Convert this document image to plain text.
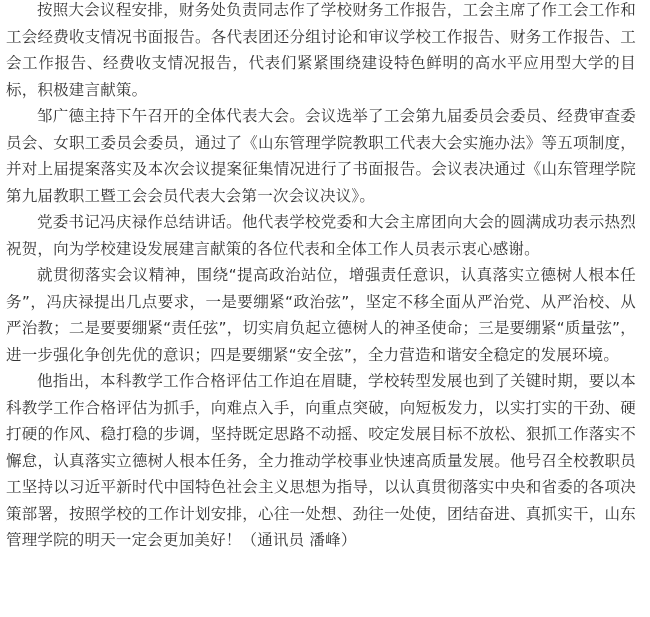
按照大会议程安排，财务处负责同志作了学校财务工作报告，工会主席了作工会工作和工会经费收支情况书面报告。各代表团还分组讨论和审议学校工作报告、财务工作报告、工会工作报告、经费收支情况报告，代表们紧紧围绕建设特色鲜明的高水平应用型大学的目标，积极建言献策。

邹广德主持下午召开的全体代表大会。会议选举了工会第九届委员会委员、经费审查委员会、女职工委员会委员，通过了《山东管理学院教职工代表大会实施办法》等五项制度，并对上届提案落实及本次会议提案征集情况进行了书面报告。会议表决通过《山东管理学院第九届教职工暨工会会员代表大会第一次会议决议》。

党委书记冯庆禄作总结讲话。他代表学校党委和大会主席团向大会的圆满成功表示热烈祝贺，向为学校建设发展建言献策的各位代表和全体工作人员表示衷心感谢。

就贯彻落实会议精神，围绕“提高政治站位，增强责任意识，认真落实立德树人根本任务”，冯庆禄提出几点要求，一是要绷紧“政治弦”，坚定不移全面从严治党、从严治校、从严治教；二是要要绷紧“责任弦”，切实肩负起立德树人的神圣使命；三是要绷紧“质量弦”，进一步强化争创先优的意识；四是要绷紧“安全弦”，全力营造和谐安全稳定的发展环境。

他指出，本科教学工作合格评估工作迫在眉睫，学校转型发展也到了关键时期，要以本科教学工作合格评估为抓手，向难点入手，向重点突破，向短板发力，以实打实的干劲、硬打硬的作风、稳打稳的步调，坚持既定思路不动摇、咬定发展目标不放松、狠抓工作落实不懈怠，认真落实立德树人根本任务，全力推动学校事业快速高质量发展。他号召全校教职员工坚持以习近平新时代中国特色社会主义思想为指导，以认真贯彻落实中央和省委的各项决策部署，按照学校的工作计划安排，心往一处想、劲往一处使，团结奋进、真抓实干，山东管理学院的明天一定会更加美好！（通讯员 潘峰）
